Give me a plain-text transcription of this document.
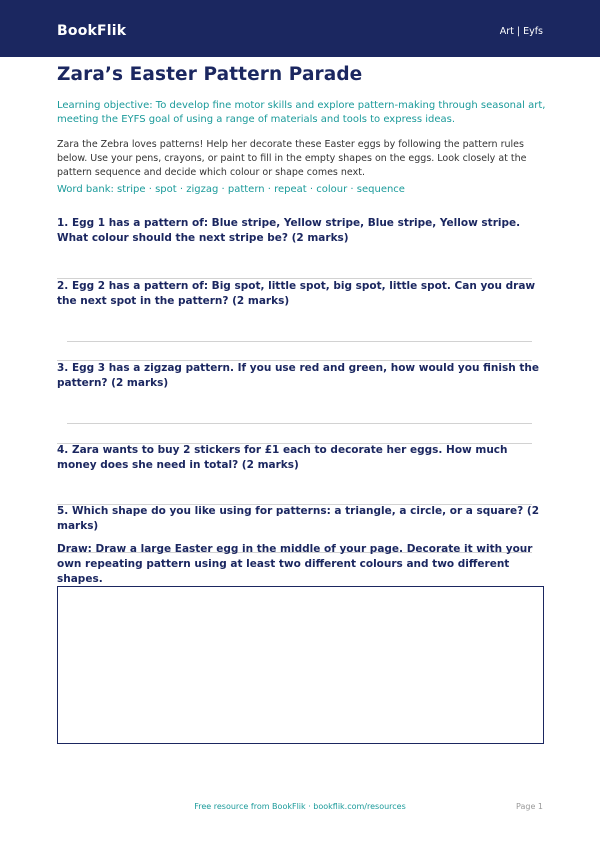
BookFlik	Art | Eyfs
Zara’s Easter Pattern Parade
Learning objective: To develop fine motor skills and explore pattern-making through seasonal art, meeting the EYFS goal of using a range of materials and tools to express ideas.
Zara the Zebra loves patterns! Help her decorate these Easter eggs by following the pattern rules below. Use your pens, crayons, or paint to fill in the empty shapes on the eggs. Look closely at the pattern sequence and decide which colour or shape comes next.
Word bank: stripe · spot · zigzag · pattern · repeat · colour · sequence
1. Egg 1 has a pattern of: Blue stripe, Yellow stripe, Blue stripe, Yellow stripe. What colour should the next stripe be? (2 marks)
2. Egg 2 has a pattern of: Big spot, little spot, big spot, little spot. Can you draw the next spot in the pattern? (2 marks)
3. Egg 3 has a zigzag pattern. If you use red and green, how would you finish the pattern? (2 marks)
4. Zara wants to buy 2 stickers for £1 each to decorate her eggs. How much money does she need in total? (2 marks)
5. Which shape do you like using for patterns: a triangle, a circle, or a square? (2 marks)
Draw: Draw a large Easter egg in the middle of your page. Decorate it with your own repeating pattern using at least two different colours and two different shapes.
Free resource from BookFlik · bookflik.com/resources	Page 1
